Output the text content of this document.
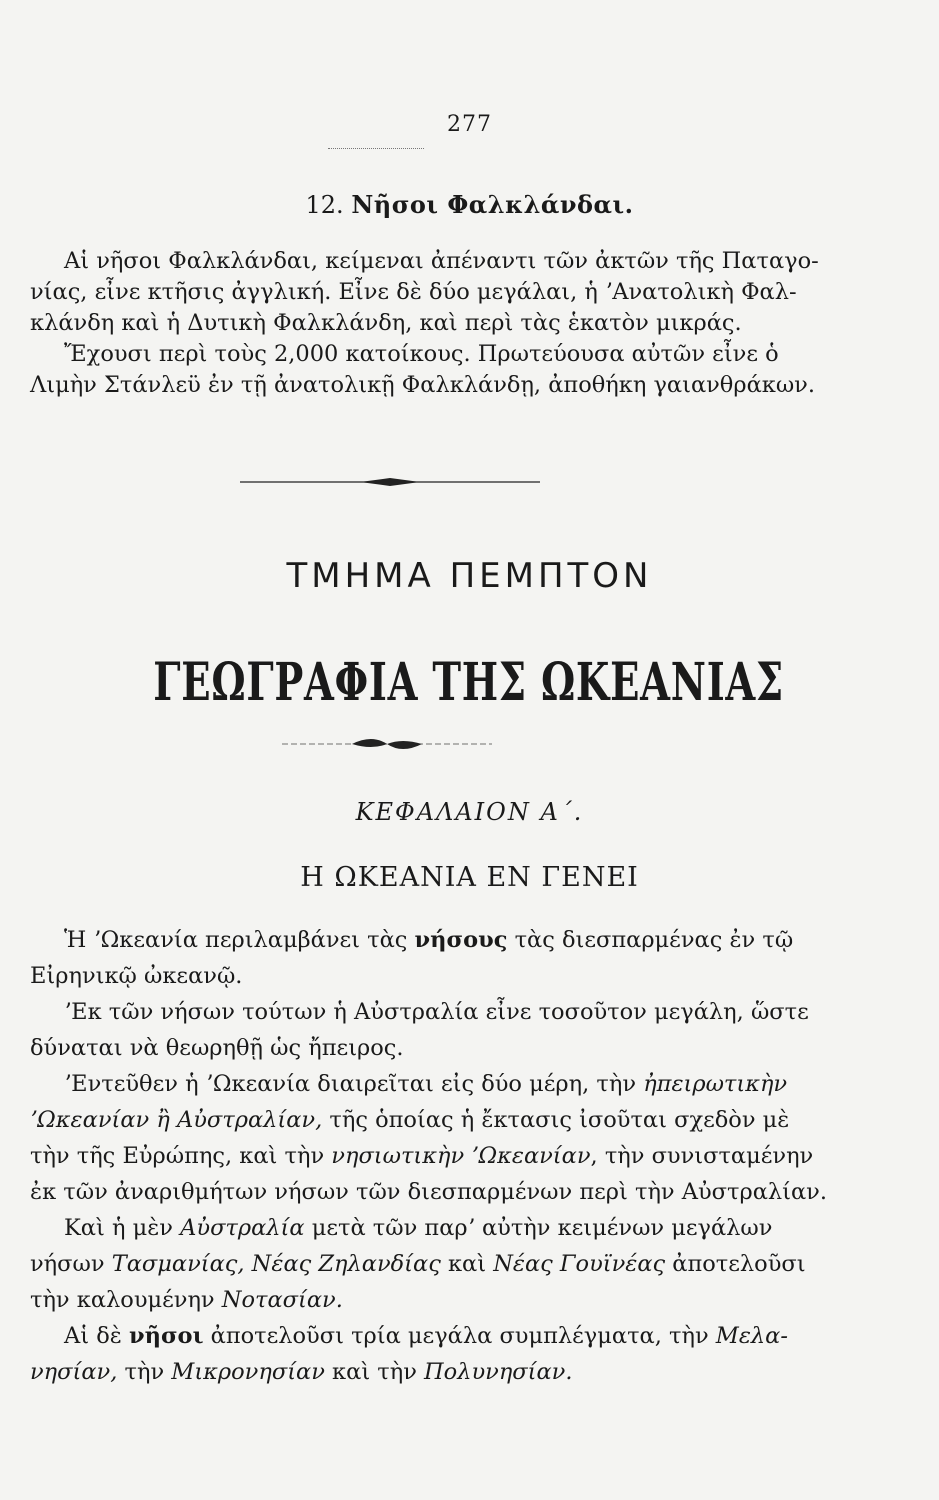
277
12. Νῆσοι Φαλκλάνδαι.
Αἱ νῆσοι Φαλκλάνδαι, κείμεναι ἀπέναντι τῶν ἀκτῶν τῆς Παταγο-
νίας, εἶνε κτῆσις ἀγγλική. Εἶνε δὲ δύο μεγάλαι, ἡ ʼΑνατολικὴ Φαλ-
κλάνδη καὶ ἡ Δυτικὴ Φαλκλάνδη, καὶ περὶ τὰς ἑκατὸν μικράς.
Ἔχουσι περὶ τοὺς 2,000 κατοίκους. Πρωτεύουσα αὐτῶν εἶνε ὁ
Λιμὴν Στάνλεϋ ἐν τῇ ἀνατολικῇ Φαλκλάνδῃ, ἀποθήκη γαιανθράκων.
ΤΜΗΜΑ ΠΕΜΠΤΟΝ
ΓΕΩΓΡΑΦΙΑ ΤΗΣ ΩΚΕΑΝΙΑΣ
ΚΕΦΑΛΑΙΟΝ Α΄.
Η ΩΚΕΑΝΙΑ ΕΝ ΓΕΝΕΙ
Ἡ ʼΩκεανία περιλαμβάνει τὰς νήσους τὰς διεσπαρμένας ἐν τῷ
Εἰρηνικῷ ὠκεανῷ.
ʼΕκ τῶν νήσων τούτων ἡ Αὐστραλία εἶνε τοσοῦτον μεγάλη, ὥστε
δύναται νὰ θεωρηθῇ ὡς ἤπειρος.
ʼΕντεῦθεν ἡ ʼΩκεανία διαιρεῖται εἰς δύο μέρη, τὴν ἠπειρωτικὴν
ʼΩκεανίαν ἢ Αὐστραλίαν, τῆς ὁποίας ἡ ἔκτασις ἰσοῦται σχεδὸν μὲ
τὴν τῆς Εὐρώπης, καὶ τὴν νησιωτικὴν ʼΩκεανίαν, τὴν συνισταμένην
ἐκ τῶν ἀναριθμήτων νήσων τῶν διεσπαρμένων περὶ τὴν Αὐστραλίαν.
Καὶ ἡ μὲν Αὐστραλία μετὰ τῶν παρʼ αὐτὴν κειμένων μεγάλων
νήσων Τασμανίας, Νέας Ζηλανδίας καὶ Νέας Γουϊνέας ἀποτελοῦσι
τὴν καλουμένην Νοτασίαν.
Αἱ δὲ νῆσοι ἀποτελοῦσι τρία μεγάλα συμπλέγματα, τὴν Μελα-
νησίαν, τὴν Μικρονησίαν καὶ τὴν Πολυνησίαν.
